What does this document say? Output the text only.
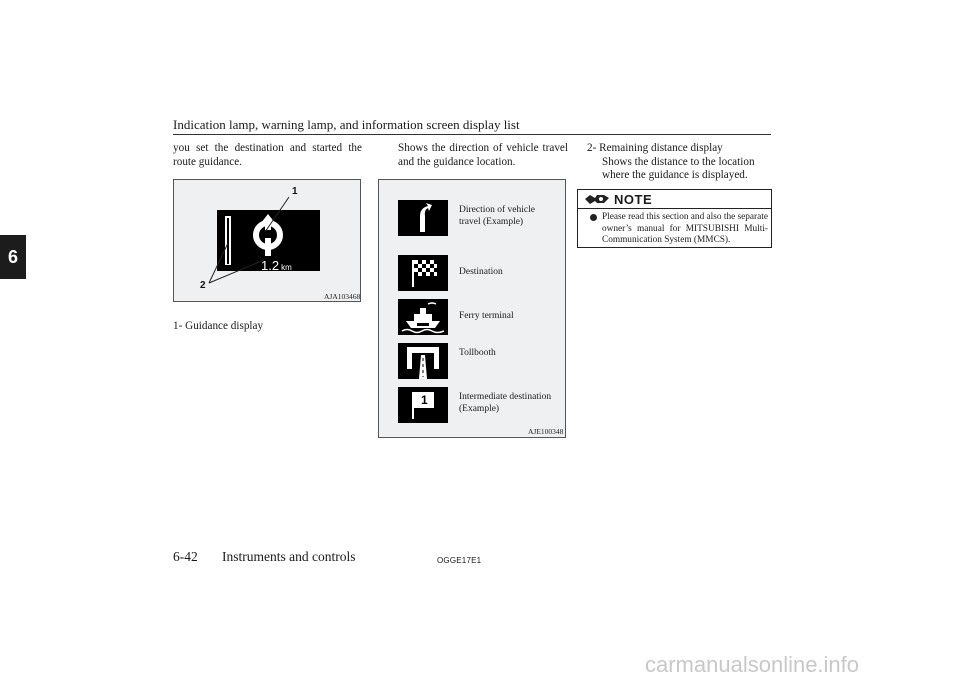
Indication lamp, warning lamp, and information screen display list
6
you set the destination and started the route guidance.
1.2 km
1
2
AJA103468
1- Guidance display
Shows the direction of vehicle travel and the guidance location.
Direction of vehicle travel (Example)
Destination
Ferry terminal
Tollbooth
1	Intermediate destination (Example)
AJE100348
2- Remaining distance display
Shows the distance to the location where the guidance is displayed.
NOTE
Please read this section and also the separate owner’s manual for MITSUBISHI Multi-Communication System (MMCS).
6-42 Instruments and controls	OGGE17E1
carmanualsonline.info
